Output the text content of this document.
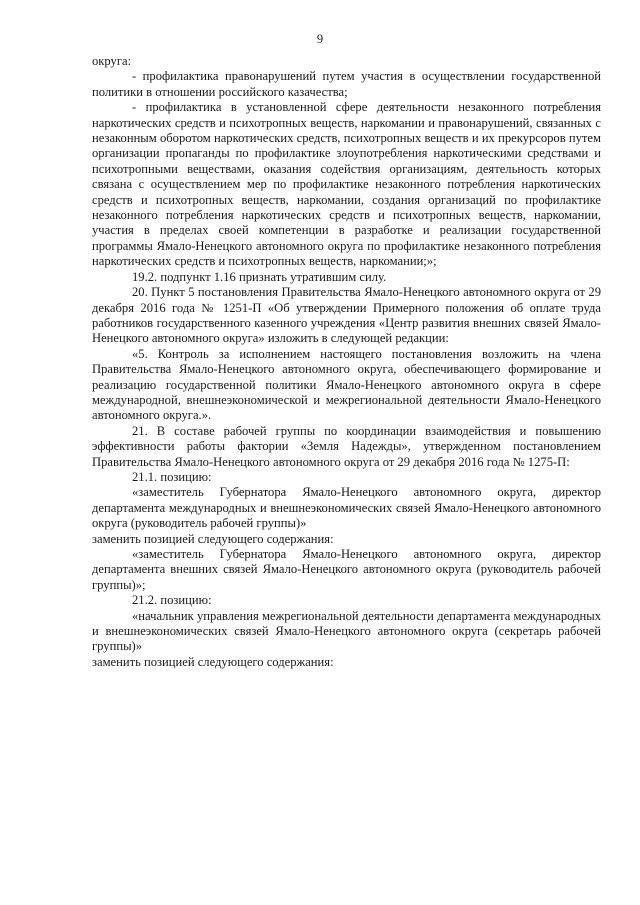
9

округа:

- профилактика правонарушений путем участия в осуществлении государственной политики в отношении российского казачества;

- профилактика в установленной сфере деятельности незаконного потребления наркотических средств и психотропных веществ, наркомании и правонарушений, связанных с незаконным оборотом наркотических средств, психотропных веществ и их прекурсоров путем организации пропаганды по профилактике злоупотребления наркотическими средствами и психотропными веществами, оказания содействия организациям, деятельность которых связана с осуществлением мер по профилактике незаконного потребления наркотических средств и психотропных веществ, наркомании, создания организаций по профилактике незаконного потребления наркотических средств и психотропных веществ, наркомании, участия в пределах своей компетенции в разработке и реализации государственной программы Ямало-Ненецкого автономного округа по профилактике незаконного потребления наркотических средств и психотропных веществ, наркомании;»;

19.2. подпункт 1.16 признать утратившим силу.

20. Пункт 5 постановления Правительства Ямало-Ненецкого автономного округа от 29 декабря 2016 года № 1251-П «Об утверждении Примерного положения об оплате труда работников государственного казенного учреждения «Центр развития внешних связей Ямало-Ненецкого автономного округа» изложить в следующей редакции:

«5. Контроль за исполнением настоящего постановления возложить на члена Правительства Ямало-Ненецкого автономного округа, обеспечивающего формирование и реализацию государственной политики Ямало-Ненецкого автономного округа в сфере международной, внешнеэкономической и межрегиональной деятельности Ямало-Ненецкого автономного округа.».

21. В составе рабочей группы по координации взаимодействия и повышению эффективности работы фактории «Земля Надежды», утвержденном постановлением Правительства Ямало-Ненецкого автономного округа от 29 декабря 2016 года № 1275-П:

21.1. позицию:

«заместитель Губернатора Ямало-Ненецкого автономного округа, директор департамента международных и внешнеэкономических связей Ямало-Ненецкого автономного округа (руководитель рабочей группы)»

заменить позицией следующего содержания:

«заместитель Губернатора Ямало-Ненецкого автономного округа, директор департамента внешних связей Ямало-Ненецкого автономного округа (руководитель рабочей группы)»;

21.2. позицию:

«начальник управления межрегиональной деятельности департамента международных и внешнеэкономических связей Ямало-Ненецкого автономного округа (секретарь рабочей группы)»

заменить позицией следующего содержания:
